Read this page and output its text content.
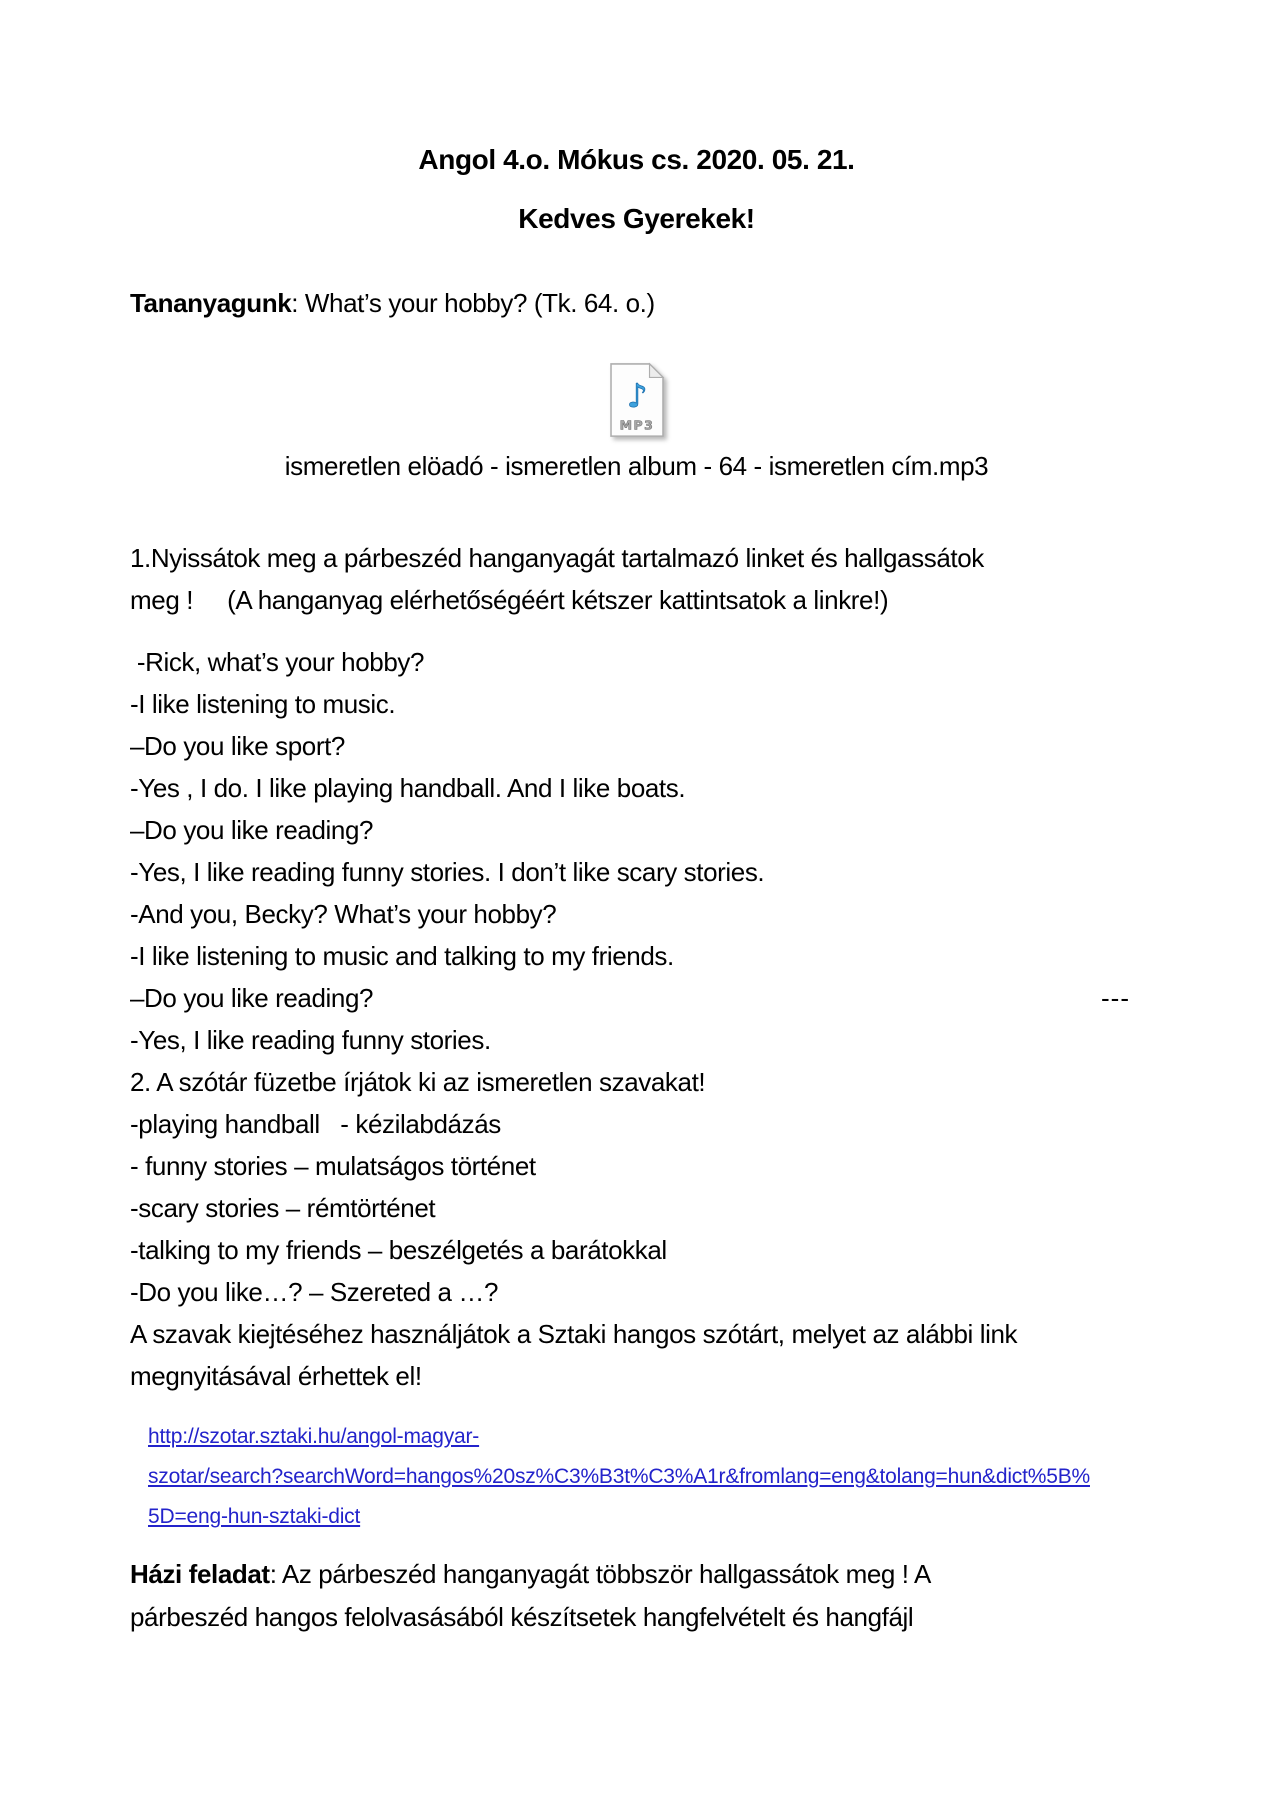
Angol 4.o. Mókus cs. 2020. 05. 21.
Kedves Gyerekek!

Tananyagunk: What’s your hobby? (Tk. 64. o.)

♪
MP3
ismeretlen elöadó - ismeretlen album - 64 - ismeretlen cím.mp3

1.Nyissátok meg a párbeszéd hanganyagát tartalmazó linket és hallgassátok
meg !     (A hanganyag elérhetőségéért kétszer kattintsatok a linkre!)

-Rick, what’s your hobby?
-I like listening to music.
–Do you like sport?
-Yes , I do. I like playing handball. And I like boats.
–Do you like reading?
-Yes, I like reading funny stories. I don’t like scary stories.
-And you, Becky? What’s your hobby?
-I like listening to music and talking to my friends.
–Do you like reading?	---
-Yes, I like reading funny stories.
2. A szótár füzetbe írjátok ki az ismeretlen szavakat!
-playing handball   - kézilabdázás
- funny stories – mulatságos történet
-scary stories – rémtörténet
-talking to my friends – beszélgetés a barátokkal
-Do you like…? – Szereted a …?
A szavak kiejtéséhez használjátok a Sztaki hangos szótárt, melyet az alábbi link
megnyitásával érhettek el!

http://szotar.sztaki.hu/angol-magyar-
szotar/search?searchWord=hangos%20sz%C3%B3t%C3%A1r&fromlang=eng&tolang=hun&dict%5B%
5D=eng-hun-sztaki-dict

Házi feladat: Az párbeszéd hanganyagát többször hallgassátok meg ! A
párbeszéd hangos felolvasásából készítsetek hangfelvételt és hangfájl
